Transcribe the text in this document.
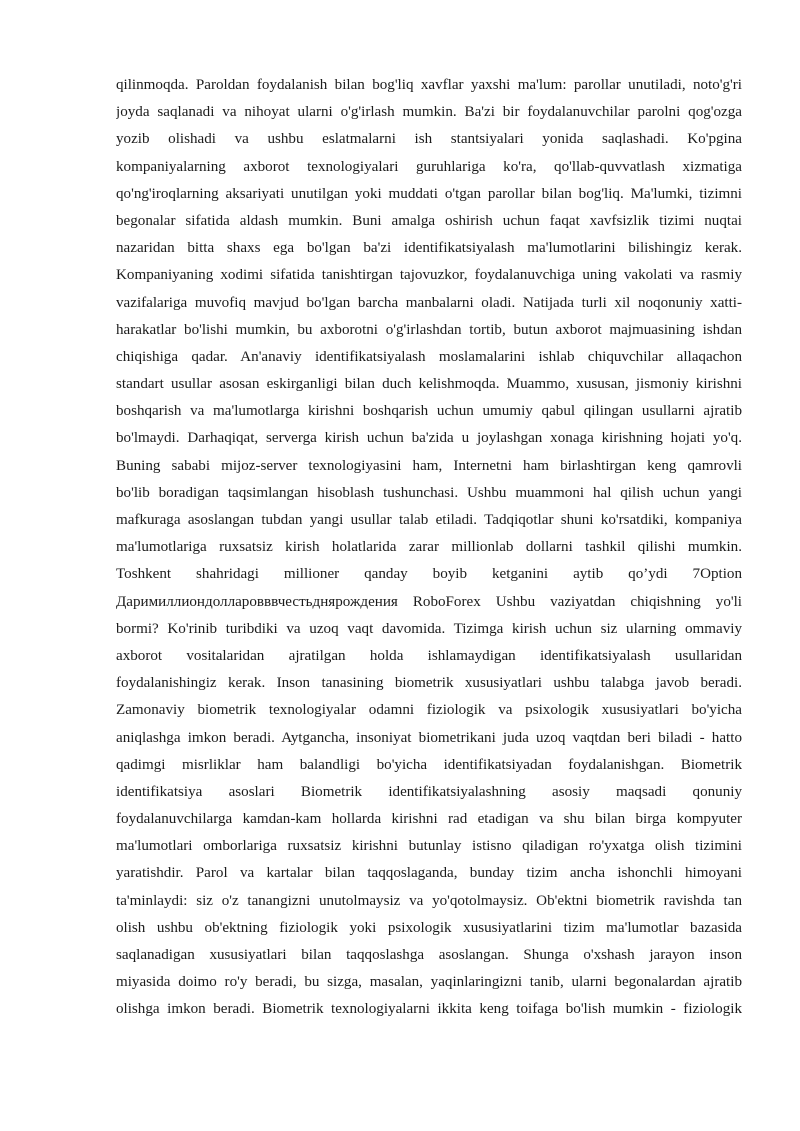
qilinmoqda. Paroldan foydalanish bilan bog'liq xavflar yaxshi ma'lum: parollar unutiladi, noto'g'ri
joyda saqlanadi va nihoyat ularni o'g'irlash mumkin. Ba'zi bir foydalanuvchilar parolni qog'ozga
yozib olishadi va ushbu eslatmalarni ish stantsiyalari yonida saqlashadi. Ko'pgina
kompaniyalarning axborot texnologiyalari guruhlariga ko'ra, qo'llab-quvvatlash xizmatiga
qo'ng'iroqlarning aksariyati unutilgan yoki muddati o'tgan parollar bilan bog'liq. Ma'lumki, tizimni
begonalar sifatida aldash mumkin. Buni amalga oshirish uchun faqat xavfsizlik tizimi nuqtai
nazaridan bitta shaxs ega bo'lgan ba'zi identifikatsiyalash ma'lumotlarini bilishingiz kerak.
Kompaniyaning xodimi sifatida tanishtirgan tajovuzkor, foydalanuvchiga uning vakolati va rasmiy
vazifalariga muvofiq mavjud bo'lgan barcha manbalarni oladi. Natijada turli xil noqonuniy xatti-
harakatlar bo'lishi mumkin, bu axborotni o'g'irlashdan tortib, butun axborot majmuasining ishdan
chiqishiga qadar. An'anaviy identifikatsiyalash moslamalarini ishlab chiquvchilar allaqachon
standart usullar asosan eskirganligi bilan duch kelishmoqda. Muammo, xususan, jismoniy kirishni
boshqarish va ma'lumotlarga kirishni boshqarish uchun umumiy qabul qilingan usullarni ajratib
bo'lmaydi. Darhaqiqat, serverga kirish uchun ba'zida u joylashgan xonaga kirishning hojati yo'q.
Buning sababi mijoz-server texnologiyasini ham, Internetni ham birlashtirgan keng qamrovli
bo'lib boradigan taqsimlangan hisoblash tushunchasi. Ushbu muammoni hal qilish uchun yangi
mafkuraga asoslangan tubdan yangi usullar talab etiladi. Tadqiqotlar shuni ko'rsatdiki, kompaniya
ma'lumotlariga ruxsatsiz kirish holatlarida zarar millionlab dollarni tashkil qilishi mumkin.
Toshkent shahridagi millioner qanday boyib ketganini aytib qo’ydi 7Option
Даримиллиондолларовввчестьднярождения RoboForex Ushbu vaziyatdan chiqishning yo'li
bormi? Ko'rinib turibdiki va uzoq vaqt davomida. Tizimga kirish uchun siz ularning ommaviy
axborot vositalaridan ajratilgan holda ishlamaydigan identifikatsiyalash usullaridan
foydalanishingiz kerak. Inson tanasining biometrik xususiyatlari ushbu talabga javob beradi.
Zamonaviy biometrik texnologiyalar odamni fiziologik va psixologik xususiyatlari bo'yicha
aniqlashga imkon beradi. Aytgancha, insoniyat biometrikani juda uzoq vaqtdan beri biladi - hatto
qadimgi misrliklar ham balandligi bo'yicha identifikatsiyadan foydalanishgan. Biometrik
identifikatsiya asoslari Biometrik identifikatsiyalashning asosiy maqsadi qonuniy
foydalanuvchilarga kamdan-kam hollarda kirishni rad etadigan va shu bilan birga kompyuter
ma'lumotlari omborlariga ruxsatsiz kirishni butunlay istisno qiladigan ro'yxatga olish tizimini
yaratishdir. Parol va kartalar bilan taqqoslaganda, bunday tizim ancha ishonchli himoyani
ta'minlaydi: siz o'z tanangizni unutolmaysiz va yo'qotolmaysiz. Ob'ektni biometrik ravishda tan
olish ushbu ob'ektning fiziologik yoki psixologik xususiyatlarini tizim ma'lumotlar bazasida
saqlanadigan xususiyatlari bilan taqqoslashga asoslangan. Shunga o'xshash jarayon inson
miyasida doimo ro'y beradi, bu sizga, masalan, yaqinlaringizni tanib, ularni begonalardan ajratib
olishga imkon beradi. Biometrik texnologiyalarni ikkita keng toifaga bo'lish mumkin - fiziologik
